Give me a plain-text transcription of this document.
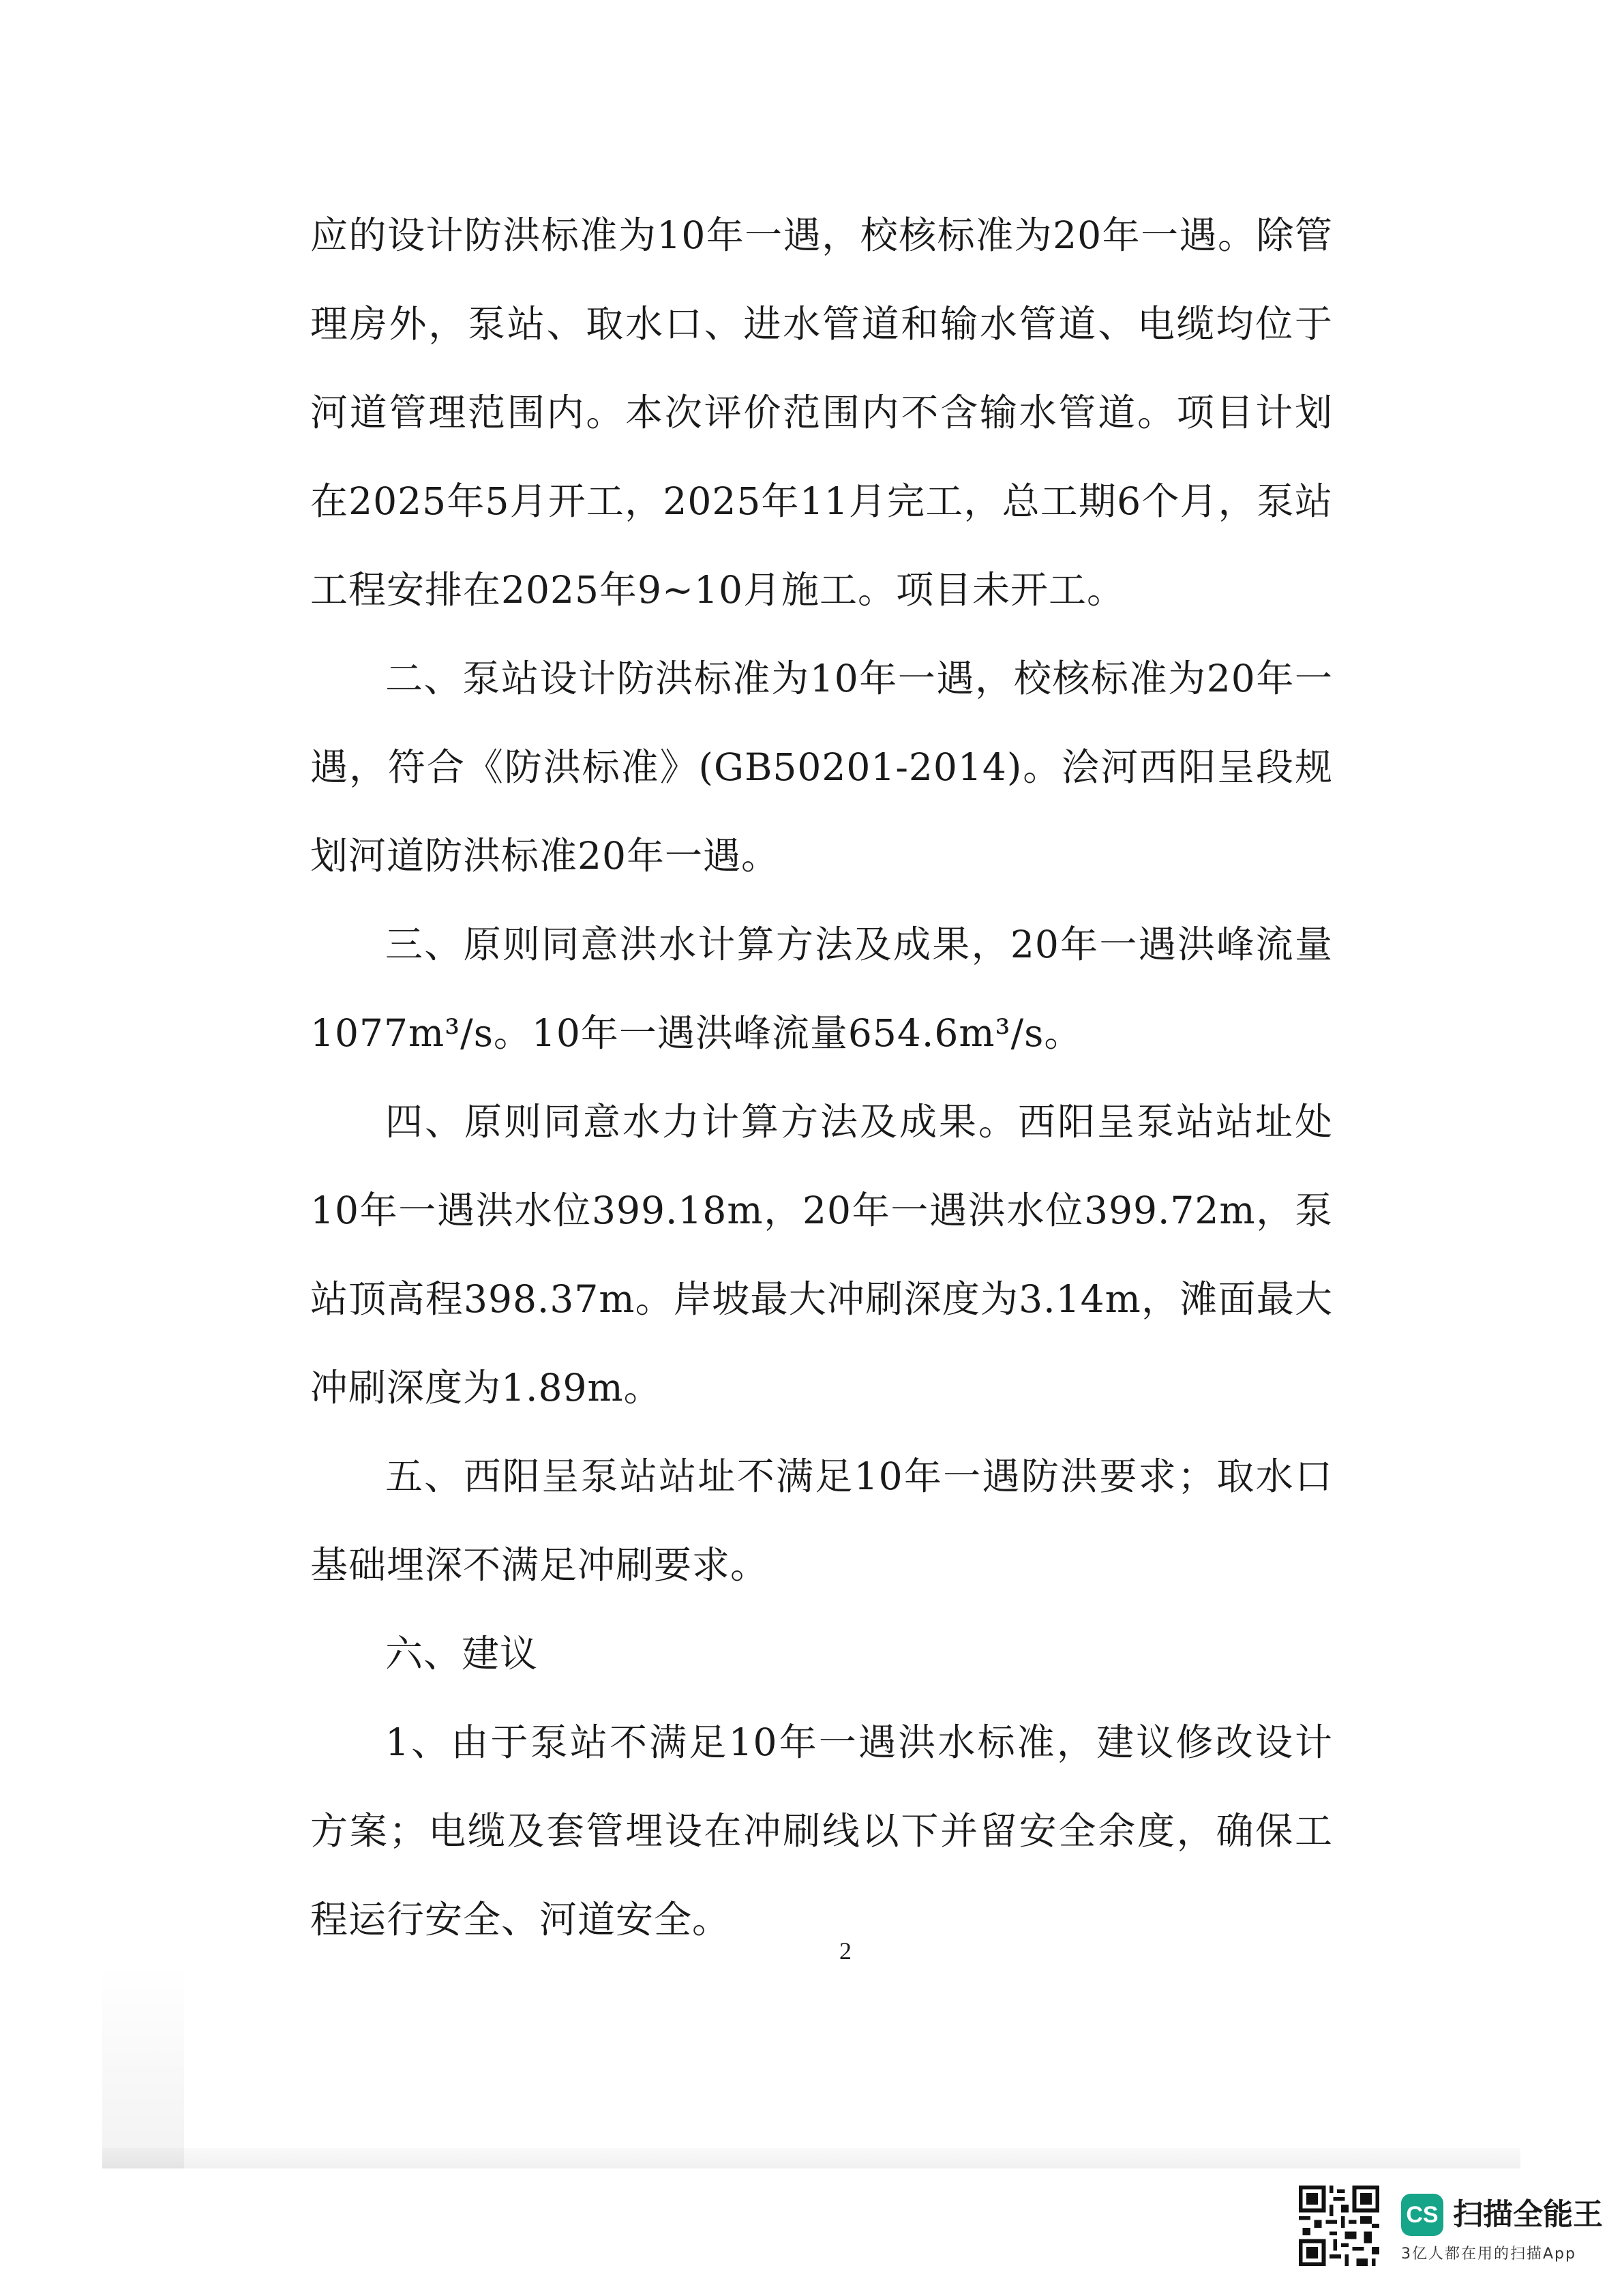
应的设计防洪标准为10年一遇，校核标准为20年一遇。除管理房外，泵站、取水口、进水管道和输水管道、电缆均位于河道管理范围内。本次评价范围内不含输水管道。项目计划在2025年5月开工，2025年11月完工，总工期6个月，泵站工程安排在2025年9~10月施工。项目未开工。

二、泵站设计防洪标准为10年一遇，校核标准为20年一遇，符合《防洪标准》(GB50201-2014)。浍河西阳呈段规划河道防洪标准20年一遇。

三、原则同意洪水计算方法及成果，20年一遇洪峰流量1077m³/s。10年一遇洪峰流量654.6m³/s。

四、原则同意水力计算方法及成果。西阳呈泵站站址处10年一遇洪水位399.18m，20年一遇洪水位399.72m，泵站顶高程398.37m。岸坡最大冲刷深度为3.14m，滩面最大冲刷深度为1.89m。

五、西阳呈泵站站址不满足10年一遇防洪要求；取水口基础埋深不满足冲刷要求。

六、建议

1、由于泵站不满足10年一遇洪水标准，建议修改设计方案；电缆及套管埋设在冲刷线以下并留安全余度，确保工程运行安全、河道安全。

2
CS 扫描全能王
3亿人都在用的扫描App
